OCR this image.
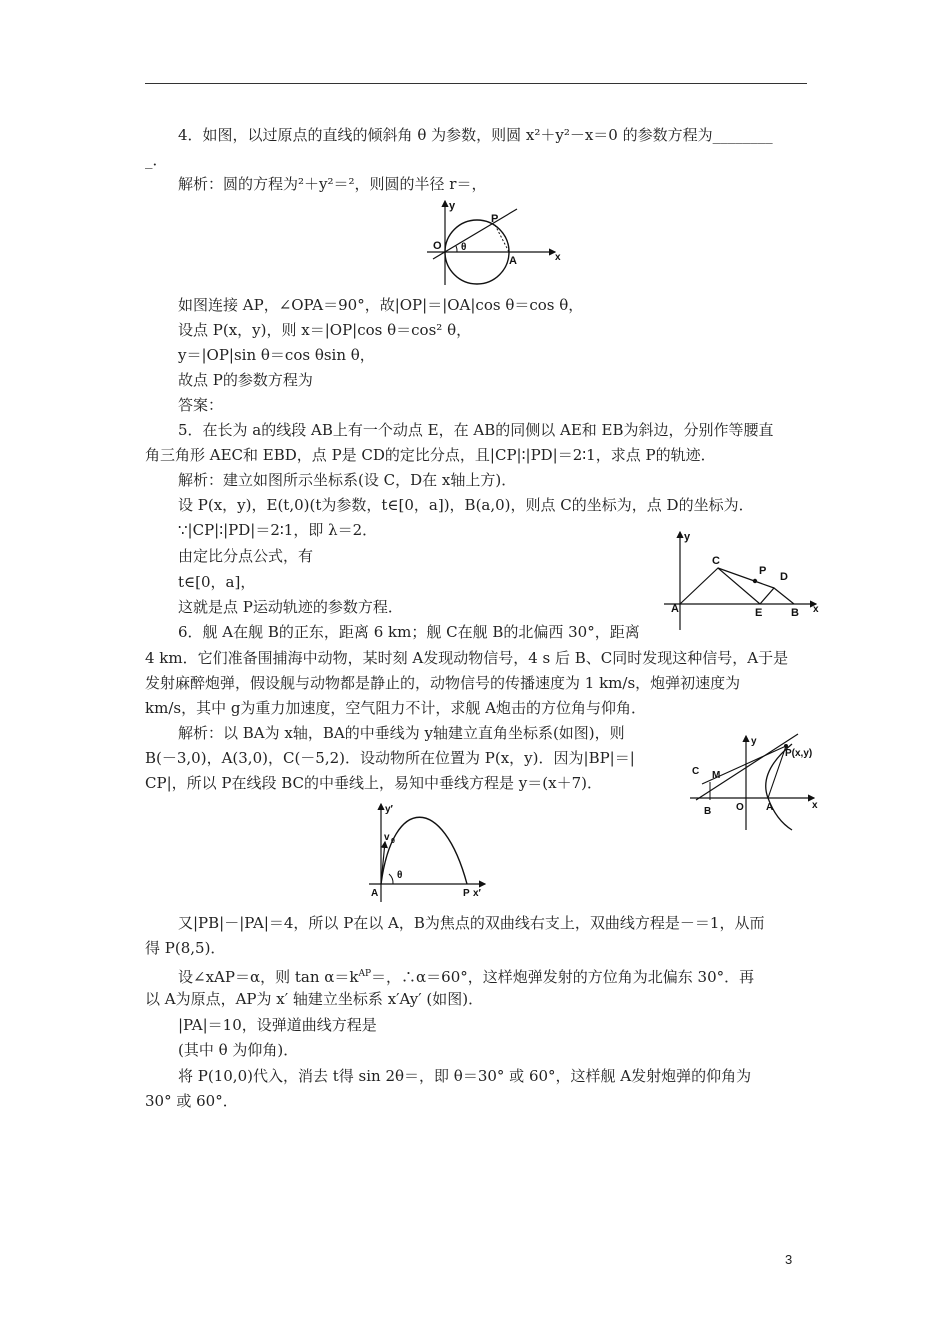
4．如图，以过原点的直线的倾斜角 θ 为参数，则圆 x²＋y²－x＝0 的参数方程为________
_．
解析：圆的方程为²＋y²＝²，则圆的半径 r＝，
y
P
O θ
A	x
如图连接 AP，∠OPA＝90°，故|OP|＝|OA|cos θ＝cos θ，
设点 P(x，y)，则 x＝|OP|cos θ＝cos² θ，
y＝|OP|sin θ＝cos θsin θ，
故点 P的参数方程为
答案：
5．在长为 a的线段 AB上有一个动点 E，在 AB的同侧以 AE和 EB为斜边，分别作等腰直
角三角形 AEC和 EBD，点 P是 CD的定比分点，且|CP|∶|PD|＝2∶1，求点 P的轨迹．
解析：建立如图所示坐标系(设 C，D在 x轴上方)．
设 P(x，y)，E(t,0)(t为参数，t∈[0，a])，B(a,0)，则点 C的坐标为，点 D的坐标为．
∵|CP|∶|PD|＝2∶1，即 λ＝2．
由定比分点公式，有
t∈[0，a]，
这就是点 P运动轨迹的参数方程．
y
C
P D
A	E	B x
6．舰 A在舰 B的正东，距离 6 km；舰 C在舰 B的北偏西 30°，距离
4 km．它们准备围捕海中动物，某时刻 A发现动物信号，4 s 后 B、C同时发现这种信号，A于是
发射麻醉炮弹，假设舰与动物都是静止的，动物信号的传播速度为 1 km/s，炮弹初速度为
km/s，其中 g为重力加速度，空气阻力不计，求舰 A炮击的方位角与仰角．
解析：以 BA为 x轴，BA的中垂线为 y轴建立直角坐标系(如图)，则
B(－3,0)，A(3,0)，C(－5,2)．设动物所在位置为 P(x，y)．因为|BP|＝|
CP|，所以 P在线段 BC的中垂线上，易知中垂线方程是 y＝(x＋7)．
y
P(x,y)
C M
B O A	x
y′
v 0
θ
A	P x′
又|PB|－|PA|＝4，所以 P在以 A，B为焦点的双曲线右支上，双曲线方程是－＝1，从而
得 P(8,5)．
设∠xAP＝α，则 $\tan \alpha=k^{AP}=$，∴α＝60°，这样炮弹发射的方位角为北偏东 30°．再
以 A为原点，AP为 x′ 轴建立坐标系 x′Ay′ (如图)．
|PA|＝10，设弹道曲线方程是
(其中 θ 为仰角)．
将 P(10,0)代入，消去 t得 sin 2θ＝，即 θ＝30° 或 60°，这样舰 A发射炮弹的仰角为
30° 或 60°．
3
